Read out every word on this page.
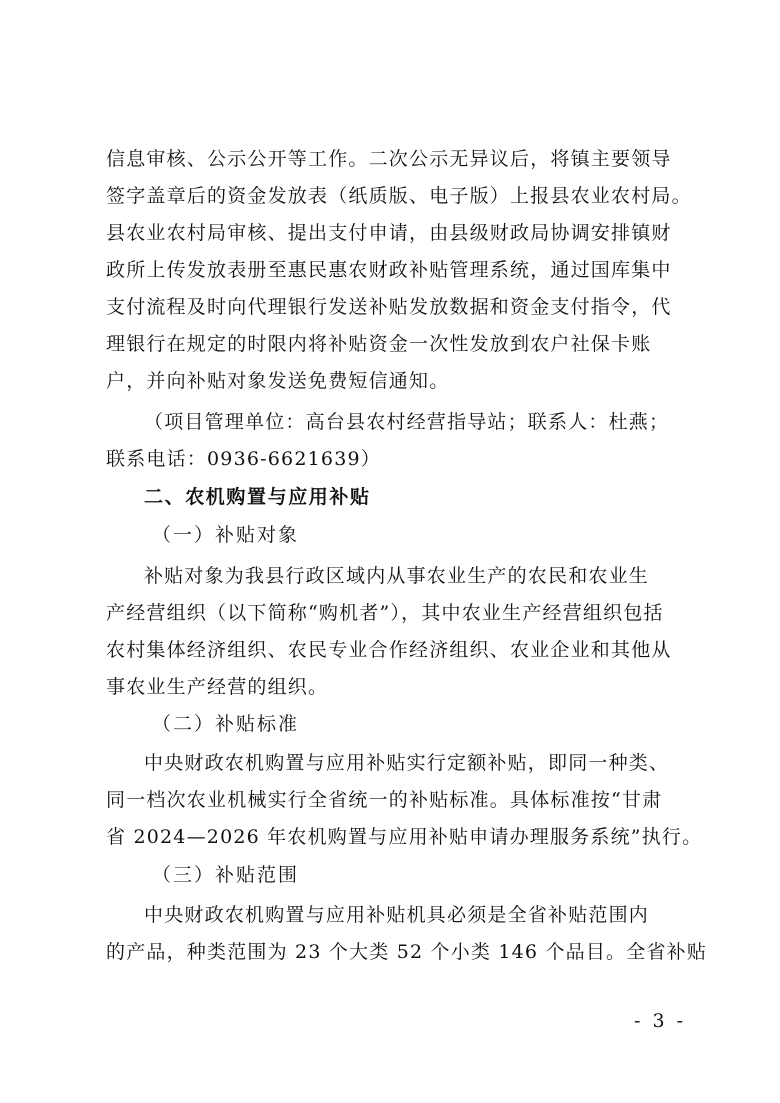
信息审核、公示公开等工作。二次公示无异议后，将镇主要领导
签字盖章后的资金发放表（纸质版、电子版）上报县农业农村局。
县农业农村局审核、提出支付申请，由县级财政局协调安排镇财
政所上传发放表册至惠民惠农财政补贴管理系统，通过国库集中
支付流程及时向代理银行发送补贴发放数据和资金支付指令，代
理银行在规定的时限内将补贴资金一次性发放到农户社保卡账
户，并向补贴对象发送免费短信通知。
（项目管理单位：高台县农村经营指导站；联系人：杜燕；
联系电话：0936-6621639）
二、农机购置与应用补贴
（一）补贴对象
补贴对象为我县行政区域内从事农业生产的农民和农业生
产经营组织（以下简称“购机者”），其中农业生产经营组织包括
农村集体经济组织、农民专业合作经济组织、农业企业和其他从
事农业生产经营的组织。
（二）补贴标准
中央财政农机购置与应用补贴实行定额补贴，即同一种类、
同一档次农业机械实行全省统一的补贴标准。具体标准按“甘肃
省 2024—2026 年农机购置与应用补贴申请办理服务系统”执行。
（三）补贴范围
中央财政农机购置与应用补贴机具必须是全省补贴范围内
的产品，种类范围为 23 个大类 52 个小类 146 个品目。全省补贴
- 3 -
